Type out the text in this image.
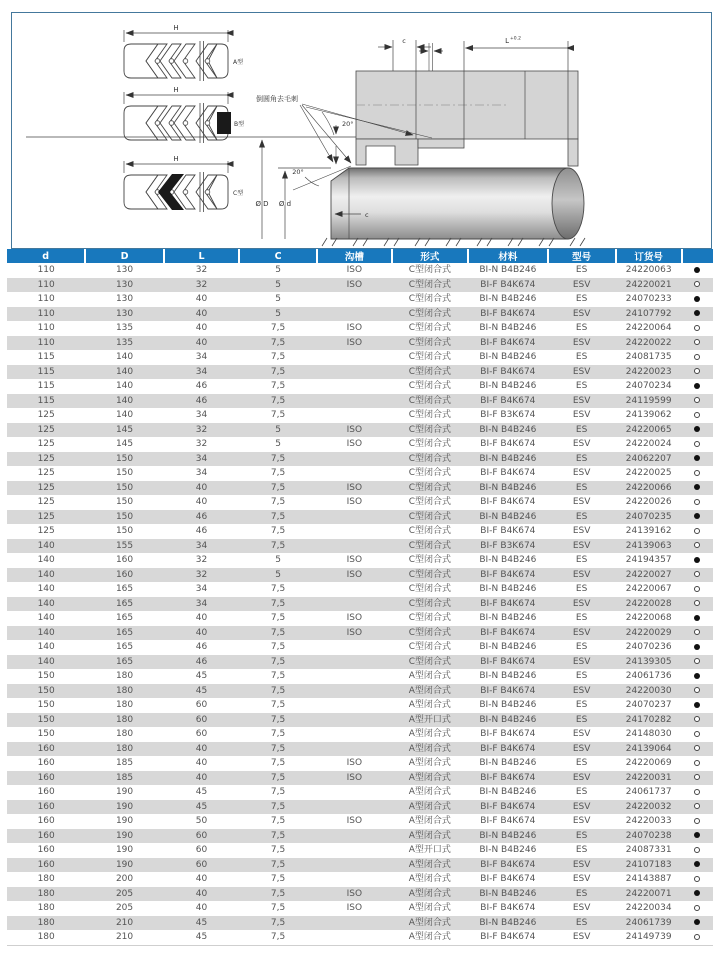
A型
B型
C型
c	L +0.2
倒圆角去毛刺
20°
20°
Ø D Ø d
c
d	D	L	C	沟槽	形式	材料	型号	订货号	
110	130	32	5	ISO	C型闭合式	BI-N B4B246	ES	24220063	
110	130	32	5	ISO	C型闭合式	BI-F B4K674	ESV	24220021	
110	130	40	5		C型闭合式	BI-N B4B246	ES	24070233	
110	130	40	5		C型闭合式	BI-F B4K674	ESV	24107792	
110	135	40	7,5	ISO	C型闭合式	BI-N B4B246	ES	24220064	
110	135	40	7,5	ISO	C型闭合式	BI-F B4K674	ESV	24220022	
115	140	34	7,5		C型闭合式	BI-N B4B246	ES	24081735	
115	140	34	7,5		C型闭合式	BI-F B4K674	ESV	24220023	
115	140	46	7,5		C型闭合式	BI-N B4B246	ES	24070234	
115	140	46	7,5		C型闭合式	BI-F B4K674	ESV	24119599	
125	140	34	7,5		C型闭合式	BI-F B3K674	ESV	24139062	
125	145	32	5	ISO	C型闭合式	BI-N B4B246	ES	24220065	
125	145	32	5	ISO	C型闭合式	BI-F B4K674	ESV	24220024	
125	150	34	7,5		C型闭合式	BI-N B4B246	ES	24062207	
125	150	34	7,5		C型闭合式	BI-F B4K674	ESV	24220025	
125	150	40	7,5	ISO	C型闭合式	BI-N B4B246	ES	24220066	
125	150	40	7,5	ISO	C型闭合式	BI-F B4K674	ESV	24220026	
125	150	46	7,5		C型闭合式	BI-N B4B246	ES	24070235	
125	150	46	7,5		C型闭合式	BI-F B4K674	ESV	24139162	
140	155	34	7,5		C型闭合式	BI-F B3K674	ESV	24139063	
140	160	32	5	ISO	C型闭合式	BI-N B4B246	ES	24194357	
140	160	32	5	ISO	C型闭合式	BI-F B4K674	ESV	24220027	
140	165	34	7,5		C型闭合式	BI-N B4B246	ES	24220067	
140	165	34	7,5		C型闭合式	BI-F B4K674	ESV	24220028	
140	165	40	7,5	ISO	C型闭合式	BI-N B4B246	ES	24220068	
140	165	40	7,5	ISO	C型闭合式	BI-F B4K674	ESV	24220029	
140	165	46	7,5		C型闭合式	BI-N B4B246	ES	24070236	
140	165	46	7,5		C型闭合式	BI-F B4K674	ESV	24139305	
150	180	45	7,5		A型闭合式	BI-N B4B246	ES	24061736	
150	180	45	7,5		A型闭合式	BI-F B4K674	ESV	24220030	
150	180	60	7,5		A型闭合式	BI-N B4B246	ES	24070237	
150	180	60	7,5		A型开口式	BI-N B4B246	ES	24170282	
150	180	60	7,5		A型闭合式	BI-F B4K674	ESV	24148030	
160	180	40	7,5		A型闭合式	BI-F B4K674	ESV	24139064	
160	185	40	7,5	ISO	A型闭合式	BI-N B4B246	ES	24220069	
160	185	40	7,5	ISO	A型闭合式	BI-F B4K674	ESV	24220031	
160	190	45	7,5		A型闭合式	BI-N B4B246	ES	24061737	
160	190	45	7,5		A型闭合式	BI-F B4K674	ESV	24220032	
160	190	50	7,5	ISO	A型闭合式	BI-F B4K674	ESV	24220033	
160	190	60	7,5		A型闭合式	BI-N B4B246	ES	24070238	
160	190	60	7,5		A型开口式	BI-N B4B246	ES	24087331	
160	190	60	7,5		A型闭合式	BI-F B4K674	ESV	24107183	
180	200	40	7,5		A型闭合式	BI-F B4K674	ESV	24143887	
180	205	40	7,5	ISO	A型闭合式	BI-N B4B246	ES	24220071	
180	205	40	7,5	ISO	A型闭合式	BI-F B4K674	ESV	24220034	
180	210	45	7,5		A型闭合式	BI-N B4B246	ES	24061739	
180	210	45	7,5		A型闭合式	BI-F B4K674	ESV	24149739	
